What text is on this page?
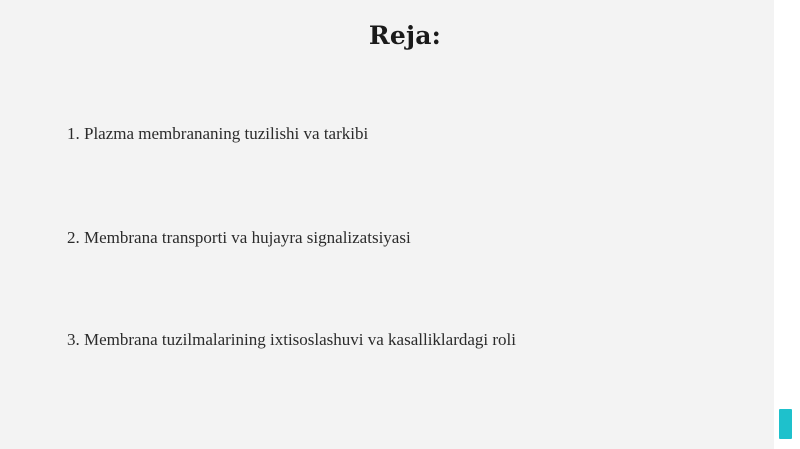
Reja:
1. Plazma membrananing tuzilishi va tarkibi
2. Membrana transporti va hujayra signalizatsiyasi
3. Membrana tuzilmalarining ixtisoslashuvi va kasalliklardagi roli
